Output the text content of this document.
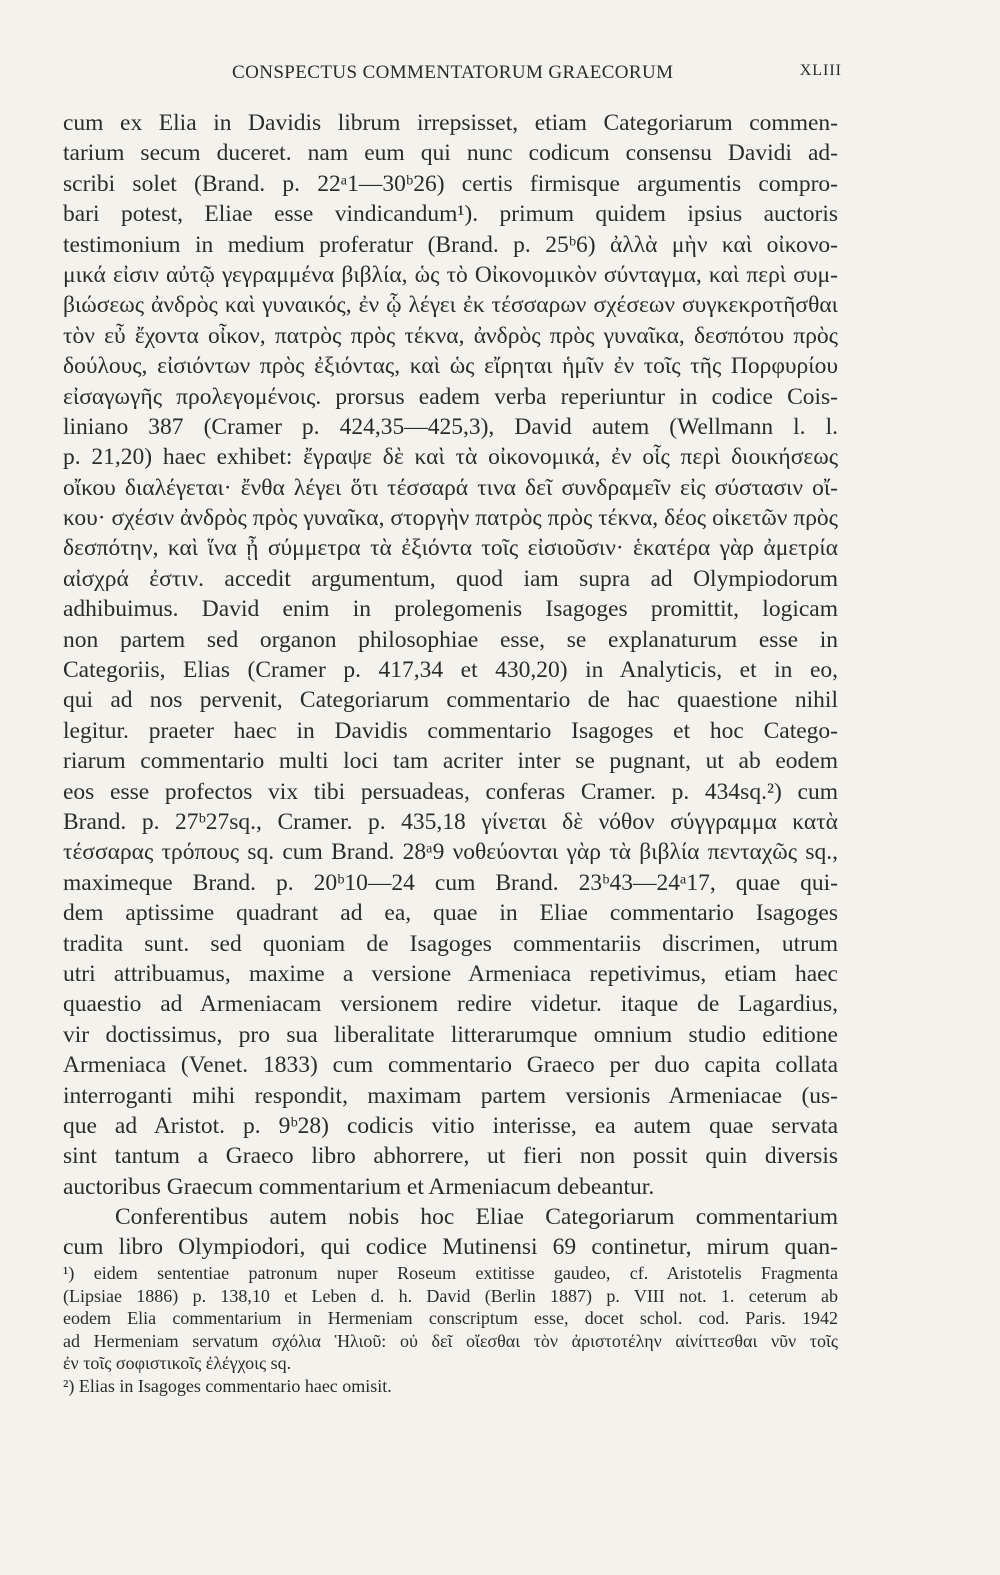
CONSPECTUS COMMENTATORUM GRAECORUM	XLIII
cum ex Elia in Davidis librum irrepsisset, etiam Categoriarum commen-
tarium secum duceret. nam eum qui nunc codicum consensu Davidi ad-
scribi solet (Brand. p. 22ᵃ1—30ᵇ26) certis firmisque argumentis compro-
bari potest, Eliae esse vindicandum¹). primum quidem ipsius auctoris
testimonium in medium proferatur (Brand. p. 25ᵇ6) ἀλλὰ μὴν καὶ οἰκονο-
μικά εἰσιν αὐτῷ γεγραμμένα βιβλία, ὡς τὸ Οἰκονομικὸν σύνταγμα, καὶ περὶ συμ-
βιώσεως ἀνδρὸς καὶ γυναικός, ἐν ᾧ λέγει ἐκ τέσσαρων σχέσεων συγκεκροτῆσθαι
τὸν εὖ ἔχοντα οἶκον, πατρὸς πρὸς τέκνα, ἀνδρὸς πρὸς γυναῖκα, δεσπότου πρὸς
δούλους, εἰσιόντων πρὸς ἐξιόντας, καὶ ὡς εἴρηται ἡμῖν ἐν τοῖς τῆς Πορφυρίου
εἰσαγωγῆς προλεγομένοις. prorsus eadem verba reperiuntur in codice Cois-
liniano 387 (Cramer p. 424,35—425,3), David autem (Wellmann l. l.
p. 21,20) haec exhibet: ἔγραψε δὲ καὶ τὰ οἰκονομικά, ἐν οἷς περὶ διοικήσεως
οἴκου διαλέγεται· ἔνθα λέγει ὅτι τέσσαρά τινα δεῖ συνδραμεῖν εἰς σύστασιν οἴ-
κου· σχέσιν ἀνδρὸς πρὸς γυναῖκα, στοργὴν πατρὸς πρὸς τέκνα, δέος οἰκετῶν πρὸς
δεσπότην, καὶ ἵνα ᾖ σύμμετρα τὰ ἐξιόντα τοῖς εἰσιοῦσιν· ἑκατέρα γὰρ ἀμετρία
αἰσχρά ἐστιν. accedit argumentum, quod iam supra ad Olympiodorum
adhibuimus. David enim in prolegomenis Isagoges promittit, logicam
non partem sed organon philosophiae esse, se explanaturum esse in
Categoriis, Elias (Cramer p. 417,34 et 430,20) in Analyticis, et in eo,
qui ad nos pervenit, Categoriarum commentario de hac quaestione nihil
legitur. praeter haec in Davidis commentario Isagoges et hoc Catego-
riarum commentario multi loci tam acriter inter se pugnant, ut ab eodem
eos esse profectos vix tibi persuadeas, conferas Cramer. p. 434sq.²) cum
Brand. p. 27ᵇ27sq., Cramer. p. 435,18 γίνεται δὲ νόθον σύγγραμμα κατὰ
τέσσαρας τρόπους sq. cum Brand. 28ᵃ9 νοθεύονται γὰρ τὰ βιβλία πενταχῶς sq.,
maximeque Brand. p. 20ᵇ10—24 cum Brand. 23ᵇ43—24ᵃ17, quae qui-
dem aptissime quadrant ad ea, quae in Eliae commentario Isagoges
tradita sunt. sed quoniam de Isagoges commentariis discrimen, utrum
utri attribuamus, maxime a versione Armeniaca repetivimus, etiam haec
quaestio ad Armeniacam versionem redire videtur. itaque de Lagardius,
vir doctissimus, pro sua liberalitate litterarumque omnium studio editione
Armeniaca (Venet. 1833) cum commentario Graeco per duo capita collata
interroganti mihi respondit, maximam partem versionis Armeniacae (us-
que ad Aristot. p. 9ᵇ28) codicis vitio interisse, ea autem quae servata
sint tantum a Graeco libro abhorrere, ut fieri non possit quin diversis
auctoribus Graecum commentarium et Armeniacum debeantur.
Conferentibus autem nobis hoc Eliae Categoriarum commentarium
cum libro Olympiodori, qui codice Mutinensi 69 continetur, mirum quan-
¹) eidem sententiae patronum nuper Roseum extitisse gaudeo, cf. Aristotelis Fragmenta
(Lipsiae 1886) p. 138,10 et Leben d. h. David (Berlin 1887) p. VIII not. 1. ceterum ab
eodem Elia commentarium in Hermeniam conscriptum esse, docet schol. cod. Paris. 1942
ad Hermeniam servatum σχόλια Ἡλιοῦ: οὐ δεῖ οἴεσθαι τὸν ἀριστοτέλην αἰνίττεσθαι νῦν τοῖς
ἐν τοῖς σοφιστικοῖς ἐλέγχοις sq.
²) Elias in Isagoges commentario haec omisit.
